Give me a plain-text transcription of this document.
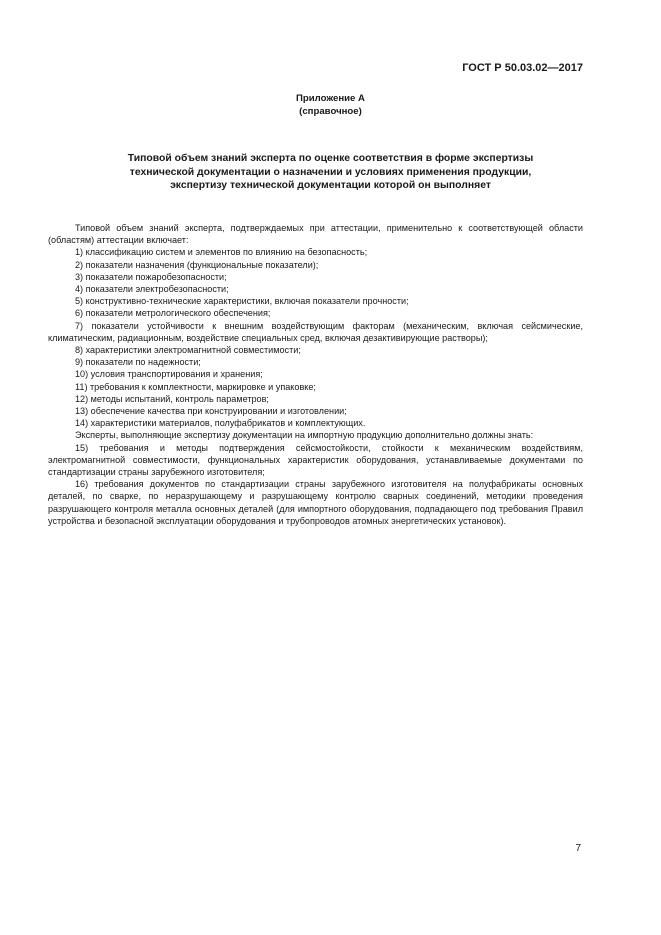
ГОСТ Р 50.03.02—2017
Приложение А
(справочное)
Типовой объем знаний эксперта по оценке соответствия в форме экспертизы
технической документации о назначении и условиях применения продукции,
экспертизу технической документации которой он выполняет

Типовой объем знаний эксперта, подтверждаемых при аттестации, применительно к соответствующей области (областям) аттестации включает:

1) классификацию систем и элементов по влиянию на безопасность;

2) показатели назначения (функциональные показатели);

3) показатели пожаробезопасности;

4) показатели электробезопасности;

5) конструктивно-технические характеристики, включая показатели прочности;

6) показатели метрологического обеспечения;

7) показатели устойчивости к внешним воздействующим факторам (механическим, включая сейсмические, климатическим, радиационным, воздействие специальных сред, включая дезактивирующие растворы);

8) характеристики электромагнитной совместимости;

9) показатели по надежности;

10) условия транспортирования и хранения;

11) требования к комплектности, маркировке и упаковке;

12) методы испытаний, контроль параметров;

13) обеспечение качества при конструировании и изготовлении;

14) характеристики материалов, полуфабрикатов и комплектующих.

Эксперты, выполняющие экспертизу документации на импортную продукцию дополнительно должны знать:

15) требования и методы подтверждения сейсмостойкости, стойкости к механическим воздействиям, электромагнитной совместимости, функциональных характеристик оборудования, устанавливаемые документами по стандартизации страны зарубежного изготовителя;

16) требования документов по стандартизации страны зарубежного изготовителя на полуфабрикаты основных деталей, по сварке, по неразрушающему и разрушающему контролю сварных соединений, методики проведения разрушающего контроля металла основных деталей (для импортного оборудования, подпадающего под требования Правил устройства и безопасной эксплуатации оборудования и трубопроводов атомных энергетических установок).

7
